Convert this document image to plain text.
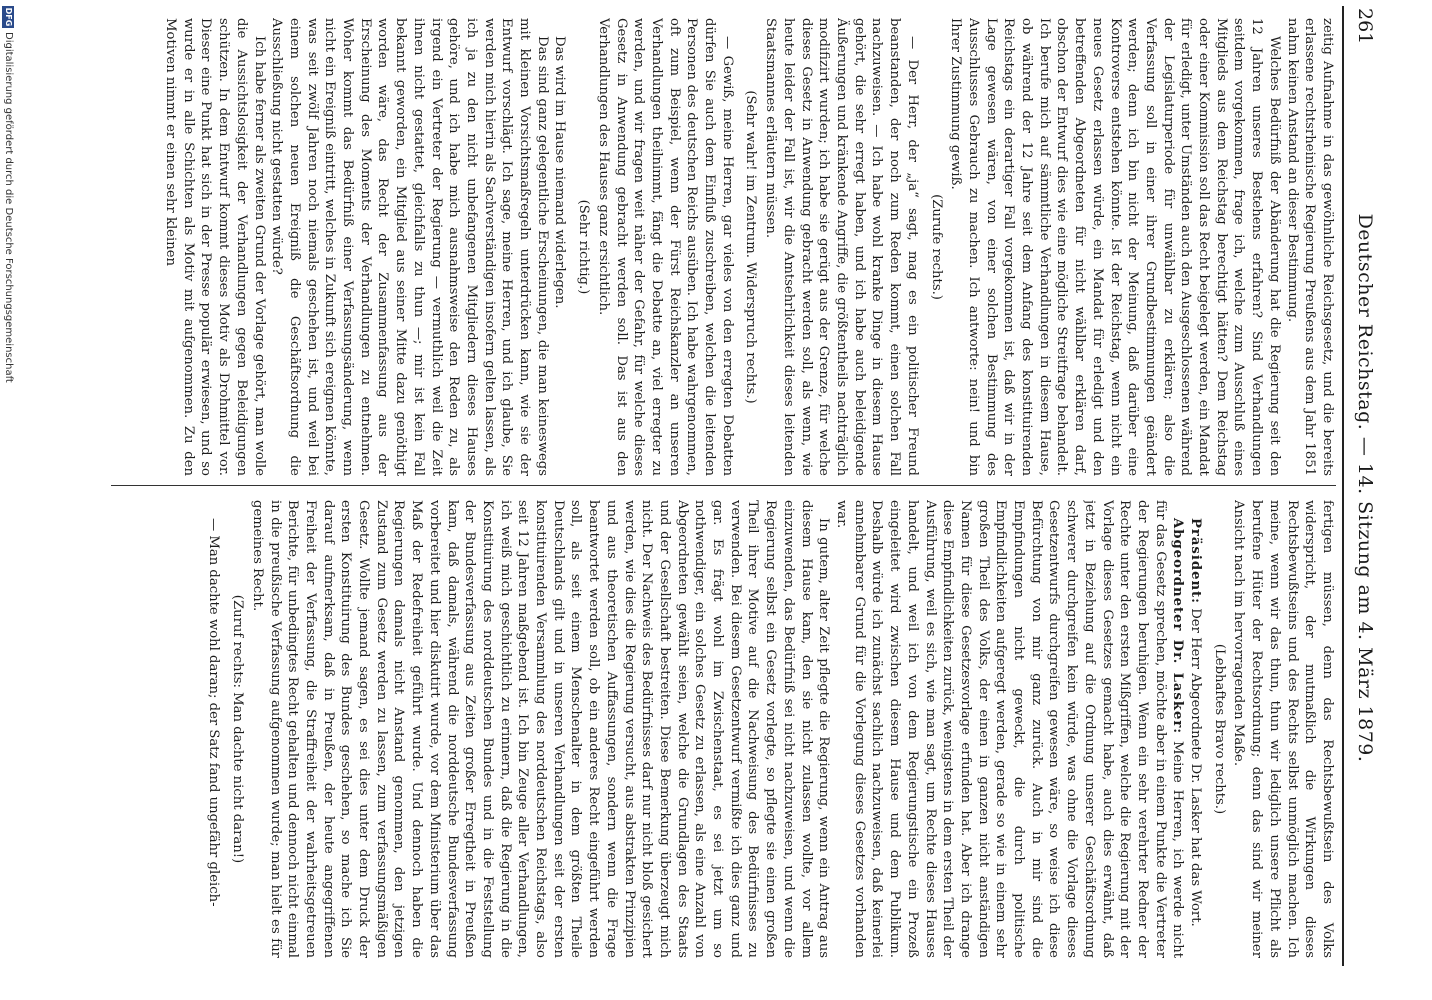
261
Deutscher Reichstag. — 14. Sitzung am 4. März 1879.

zeitig Aufnahme in das gewöhnliche Reichsgesetz, und die bereits erlassene rechtsrheinische Regierung Preußens aus dem Jahr 1851 nahm keinen Anstand an dieser Bestimmung.

Welches Bedürfniß der Abänderung hat die Regierung seit den 12 Jahren unseres Bestehens erfahren? Sind Verhandlungen seitdem vorgekommen, frage ich, welche zum Ausschluß eines Mitglieds aus dem Reichstag berechtigt hätten? Dem Reichstag oder einer Kommission soll das Recht beigelegt werden, ein Mandat für erledigt, unter Umständen auch den Ausgeschlossenen während der Legislaturperiode für unwählbar zu erklären; also die Verfassung soll in einer ihrer Grundbestimmungen geändert werden; denn ich bin nicht der Meinung, daß darüber eine Kontroverse entstehen könnte. Ist der Reichstag, wenn nicht ein neues Gesetz erlassen würde, ein Mandat für erledigt und den betreffenden Abgeordneten für nicht wählbar erklären darf, obschon der Entwurf dies wie eine mögliche Streitfrage behandelt. Ich berufe mich auf sämmtliche Verhandlungen in diesem Hause, ob während der 12 Jahre seit dem Anfang des konstituirenden Reichstags ein derartiger Fall vorgekommen ist, daß wir in der Lage gewesen wären, von einer solchen Bestimmung des Ausschlusses Gebrauch zu machen. Ich antworte: nein! und bin Ihrer Zustimmung gewiß.

(Zurufe rechts.)

— Der Herr, der „ja“ sagt, mag es ein politischer Freund beanstanden, der noch zum Reden kommt, einen solchen Fall nachzuweisen. — Ich habe wohl kranke Dinge in diesem Hause gehört, die sehr erregt haben, und ich habe auch beleidigende Äußerungen und kränkende Angriffe, die größtentheils nachträglich modifizirt wurden; ich habe sie gerügt aus der Grenze, für welche dieses Gesetz in Anwendung gebracht werden soll, als wenn, wie heute leider der Fall ist, wir die Amtsehrlichkeit dieses leitenden Staatsmannes erläutern müssen.

(Sehr wahr! im Zentrum. Widerspruch rechts.)

— Gewiß, meine Herren, gar vieles von den erregten Debatten dürfen Sie auch dem Einfluß zuschreiben, welchen die leitenden Personen des deutschen Reichs ausüben. Ich habe wahrgenommen, oft zum Beispiel, wenn der Fürst Reichskanzler an unseren Verhandlungen theilnimmt, fängt die Debatte an, viel erregter zu werden, und wir fragen weit näher der Gefahr, für welche dieses Gesetz in Anwendung gebracht werden soll. Das ist aus den Verhandlungen des Hauses ganz ersichtlich.

(Sehr richtig.)

Das wird im Hause niemand widerlegen.

Das sind ganz gelegentliche Erscheinungen, die man keineswegs mit kleinen Vorsichtsmaßregeln unterdrücken kann, wie sie der Entwurf vorschlägt. Ich sage, meine Herren, und ich glaube, Sie werden mich hierin als Sachverständigen insofern gelten lassen, als ich ja zu den nicht unbefangenen Mitgliedern dieses Hauses gehöre, und ich habe mich ausnahmsweise den Reden zu, als irgend ein Vertreter der Regierung — vermuthlich weil die Zeit ihnen nicht gestattet, gleichfalls zu thun —; mir ist kein Fall bekannt geworden, ein Mitglied aus seiner Mitte dazu genöthigt worden wäre, das Recht der Zusammenfassung aus der Erscheinung des Moments der Verhandlungen zu entnehmen. Woher kommt das Bedürfniß einer Verfassungsänderung, wenn nicht ein Ereigniß eintritt, welches in Zukunft sich ereignen könnte, was seit zwölf Jahren noch niemals geschehen ist, und weil bei einem solchen neuen Ereigniß die Geschäftsordnung die Ausschließung nicht gestatten würde?

Ich habe ferner als zweiten Grund der Vorlage gehört, man wolle die Aussichtslosigkeit der Verhandlungen gegen Beleidigungen schützen. In dem Entwurf kommt dieses Motiv als Drohmittel vor. Dieser eine Punkt hat sich in der Presse populär erwiesen, und so wurde er in alle Schichten als Motiv mit aufgenommen. Zu den Motiven nimmt er einen sehr kleinen

fertigen müssen, denn das Rechtsbewußtsein des Volks widerspricht, der mutmaßlich die Wirkungen dieses Rechtsbewußtseins und des Rechts selbst unmöglich machen. Ich meine, wenn wir das thun, thun wir lediglich unsere Pflicht als berufene Hüter der Rechtsordnung; denn das sind wir meiner Ansicht nach im hervorragenden Maße.

(Lebhaftes Bravo rechts.)

Präsident: Der Herr Abgeordnete Dr. Lasker hat das Wort.

Abgeordneter Dr. Lasker: Meine Herren, ich werde nicht für das Gesetz sprechen, möchte aber in einem Punkte die Vertreter der Regierungen beruhigen. Wenn ein sehr verehrter Redner der Rechte unter den ersten Mißgriffen, welche die Regierung mit der Vorlage dieses Gesetzes gemacht habe, auch dies erwähnt, daß jetzt in Beziehung auf die Ordnung unserer Geschäftsordnung schwerer durchgreifen kein würde, was ohne die Vorlage dieses Gesetzentwurfs durchgreifen gewesen wäre, so weise ich diese Befürchtung von mir ganz zurück. Auch in mir sind die Empfindungen nicht geweckt, die durch politische Empfindlichkeiten aufgeregt werden, gerade so wie in einem sehr großen Theil des Volks, der einen in ganzen nicht anständigen Namen für diese Gesetzesvorlage erfunden hat. Aber ich drange diese Empfindlichkeiten zurück, wenigstens in dem ersten Theil der Ausführung, weil es sich, wie man sagt, um Rechte dieses Hauses handelt, und weil ich von dem Regierungstische ein Prozeß eingeleitet wird zwischen diesem Hause und dem Publikum. Deshalb würde ich zunächst sachlich nachzuweisen, daß keinerlei annehmbarer Grund für die Vorlegung dieses Gesetzes vorhanden war.

In gutem, alter Zeit pflegte die Regierung, wenn ein Antrag aus diesem Hause kam, den sie nicht zulassen wollte, vor allem einzuwenden, das Bedürfniß sei nicht nachzuweisen, und wenn die Regierung selbst ein Gesetz vorlegte, so pflegte sie einen großen Theil ihrer Motive auf die Nachweisung des Bedürfnisses zu verwenden. Bei diesem Gesetzentwurf vermißte ich dies ganz und gar. Es frägt wohl im Zwischenstaat, es sei jetzt um so nothwendiger, ein solches Gesetz zu erlassen, als eine Anzahl von Abgeordneten gewählt seien, welche die Grundlagen des Staats und der Gesellschaft bestreiten. Diese Bemerkung überzeugt mich nicht. Der Nachweis des Bedürfnisses darf nur nicht bloß gesichert werden, wie dies die Regierung versucht, aus abstrakten Prinzipien und aus theoretischen Auffassungen, sondern wenn die Frage beantwortet werden soll, ob ein anderes Recht eingeführt werden soll, als seit einem Menschenalter in dem größten Theile Deutschlands gilt und in unseren Verhandlungen seit der ersten konstituirenden Versammlung des norddeutschen Reichstags, also seit 12 Jahren maßgebend ist. Ich bin Zeuge aller Verhandlungen, ich weiß mich geschichtlich zu erinnern, daß die Regierung in die Konstituirung des norddeutschen Bundes und in die Feststellung der Bundesverfassung aus Zeiten großer Erregtheit in Preußen kam, daß damals, während die norddeutsche Bundesverfassung vorbereitet und hier diskutirt wurde, vor dem Ministerium über das Maß der Redefreiheit geführt wurde. Und dennoch haben die Regierungen damals nicht Anstand genommen, den jetzigen Zustand zum Gesetz werden zu lassen, zum verfassungsmäßigen Gesetz. Wollte jemand sagen, es sei dies unter dem Druck der ersten Konstituirung des Bundes geschehen, so mache ich Sie darauf aufmerksam, daß in Preußen, der heute angegriffenen Freiheit der Verfassung, die Straffreiheit der wahrheitsgetreuen Berichte, für unbedingtes Recht gehalten und dennoch nicht einmal in die preußische Verfassung aufgenommen wurde; man hielt es für gemeines Recht.

(Zuruf rechts: Man dachte nicht daran!)

— Man dachte wohl daran; der Satz fand ungefähr gleich-

DFG
Digitalisierung gefördert durch die Deutsche Forschungsgemeinschaft
